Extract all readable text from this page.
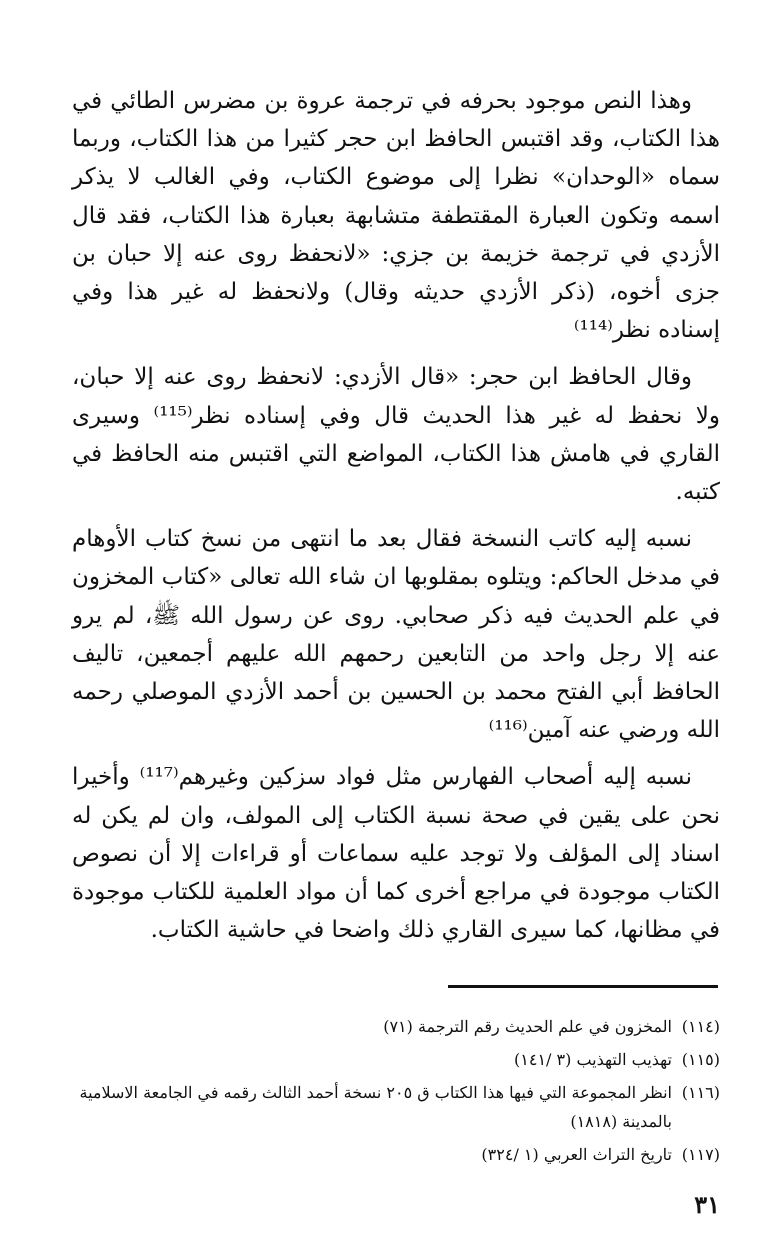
وهذا النص موجود بحرفه في ترجمة عروة بن مضرس الطائي في هذا الكتاب، وقد اقتبس الحافظ ابن حجر كثيرا من هذا الكتاب، وربما سماه «الوحدان» نظرا إلى موضوع الكتاب، وفي الغالب لا يذكر اسمه وتكون العبارة المقتطفة متشابهة بعبارة هذا الكتاب، فقد قال الأزدي في ترجمة خزيمة بن جزي: «لانحفظ روى عنه إلا حبان بن جزى أخوه، (ذكر الأزدي حديثه وقال) ولانحفظ له غير هذا وفي إسناده نظر⁽¹¹⁴⁾

وقال الحافظ ابن حجر: «قال الأزدي: لانحفظ روى عنه إلا حبان، ولا نحفظ له غير هذا الحديث قال وفي إسناده نظر⁽¹¹⁵⁾ وسيرى القاري في هامش هذا الكتاب، المواضع التي اقتبس منه الحافظ في كتبه.

نسبه إليه كاتب النسخة فقال بعد ما انتهى من نسخ كتاب الأوهام في مدخل الحاكم: ويتلوه بمقلوبها ان شاء الله تعالى «كتاب المخزون في علم الحديث فيه ذكر صحابي. روى عن رسول الله ﷺ، لم يرو عنه إلا رجل واحد من التابعين رحمهم الله عليهم أجمعين، تاليف الحافظ أبي الفتح محمد بن الحسين بن أحمد الأزدي الموصلي رحمه الله ورضي عنه آمين⁽¹¹⁶⁾

نسبه إليه أصحاب الفهارس مثل فواد سزكين وغيرهم⁽¹¹⁷⁾ وأخيرا نحن على يقين في صحة نسبة الكتاب إلى المولف، وان لم يكن له اسناد إلى المؤلف ولا توجد عليه سماعات أو قراءات إلا أن نصوص الكتاب موجودة في مراجع أخرى كما أن مواد العلمية للكتاب موجودة في مظانها، كما سيرى القاري ذلك واضحا في حاشية الكتاب.

(١١٤)
المخزون في علم الحديث رقم الترجمة (٧١)
(١١٥)
تهذيب التهذيب (٣ /١٤١)
(١١٦)
انظر المجموعة التي فيها هذا الكتاب ق ٢٠٥ نسخة أحمد الثالث رقمه في الجامعة الاسلامية بالمدينة (١٨١٨)
(١١٧)
تاريخ التراث العربي (١ /٣٢٤)
٣١
